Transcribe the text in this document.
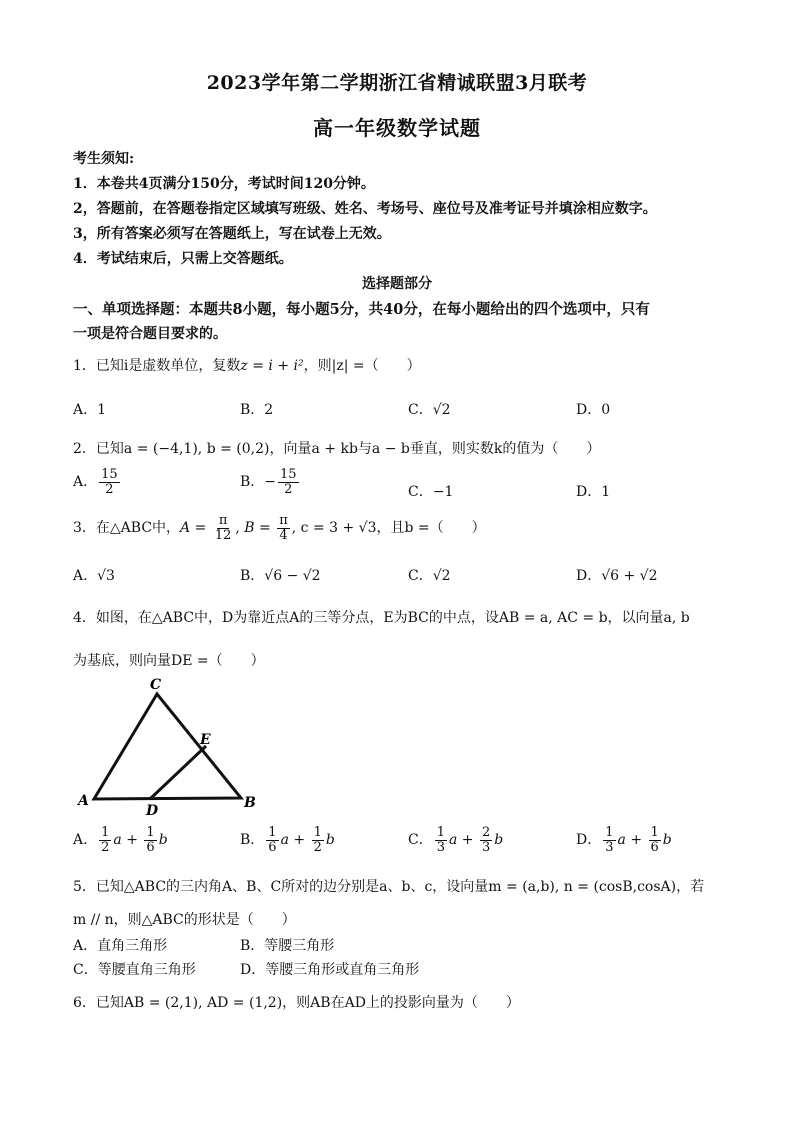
2023学年第二学期浙江省精诚联盟3月联考
高一年级数学试题
考生须知:
1．本卷共4页满分150分，考试时间120分钟。
2，答题前，在答题卷指定区域填写班级、姓名、考场号、座位号及准考证号并填涂相应数字。
3，所有答案必须写在答题纸上，写在试卷上无效。
4．考试结束后，只需上交答题纸。
选择题部分
一、单项选择题：本题共8小题，每小题5分，共40分，在每小题给出的四个选项中，只有
一项是符合题目要求的。
1．已知i是虚数单位，复数z = i + i²，则|z| =（　　）
A．1	B．2	C．√2	D．0
2．已知a = (−4,1), b = (0,2)，向量a + kb与a − b垂直，则实数k的值为（　　）
A． $\frac{15}{2}$	B．− $\frac{15}{2}$	C．−1	D．1
3．在△ABC中，$A = \frac{\pi}{12}$ , $B = \frac{\pi}{4}$ , c = 3 + √3，且b =（　　）
A．√3	B．√6 − √2	C．√2	D．√6 + √2
4．如图，在△ABC中，D为靠近点A的三等分点，E为BC的中点，设AB = a, AC = b，以向量a, b
为基底，则向量DE =（　　）
C
E
A
D	B
A． $\frac{1}{2}$ $a + \frac{1}{6}$ b	B． $\frac{1}{6}$ $a + \frac{1}{2}$ b	C． $\frac{1}{3}$ $a + \frac{2}{3}$ b	D． $\frac{1}{3}$ $a + \frac{1}{6}$ b
5．已知△ABC的三内角A、B、C所对的边分别是a、b、c，设向量m = (a,b), n = (cosB,cosA)，若
m // n，则△ABC的形状是（　　）
A．直角三角形	B．等腰三角形
C．等腰直角三角形	D．等腰三角形或直角三角形
6．已知AB = (2,1), AD = (1,2)，则AB在AD上的投影向量为（　　）
